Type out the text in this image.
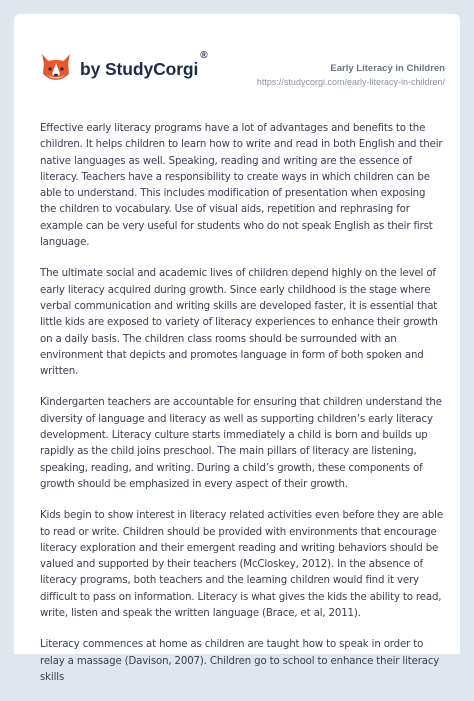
by StudyCorgi
®
Early Literacy in Children
https://studycorgi.com/early-literacy-in-children/

Effective early literacy programs have a lot of advantages and benefits to the children. It helps children to learn how to write and read in both English and their native languages as well. Speaking, reading and writing are the essence of literacy. Teachers have a responsibility to create ways in which children can be able to understand. This includes modification of presentation when exposing the children to vocabulary. Use of visual aids, repetition and rephrasing for example can be very useful for students who do not speak English as their first language.

The ultimate social and academic lives of children depend highly on the level of early literacy acquired during growth. Since early childhood is the stage where verbal communication and writing skills are developed faster, it is essential that little kids are exposed to variety of literacy experiences to enhance their growth on a daily basis. The children class rooms should be surrounded with an environment that depicts and promotes language in form of both spoken and written.

Kindergarten teachers are accountable for ensuring that children understand the diversity of language and literacy as well as supporting children’s early literacy development. Literacy culture starts immediately a child is born and builds up rapidly as the child joins preschool. The main pillars of literacy are listening, speaking, reading, and writing. During a child’s growth, these components of growth should be emphasized in every aspect of their growth.

Kids begin to show interest in literacy related activities even before they are able to read or write. Children should be provided with environments that encourage literacy exploration and their emergent reading and writing behaviors should be valued and supported by their teachers (McCloskey, 2012). In the absence of literacy programs, both teachers and the learning children would find it very difficult to pass on information. Literacy is what gives the kids the ability to read, write, listen and speak the written language (Brace, et al, 2011).

Literacy commences at home as children are taught how to speak in order to relay a massage (Davison, 2007). Children go to school to enhance their literacy skills
